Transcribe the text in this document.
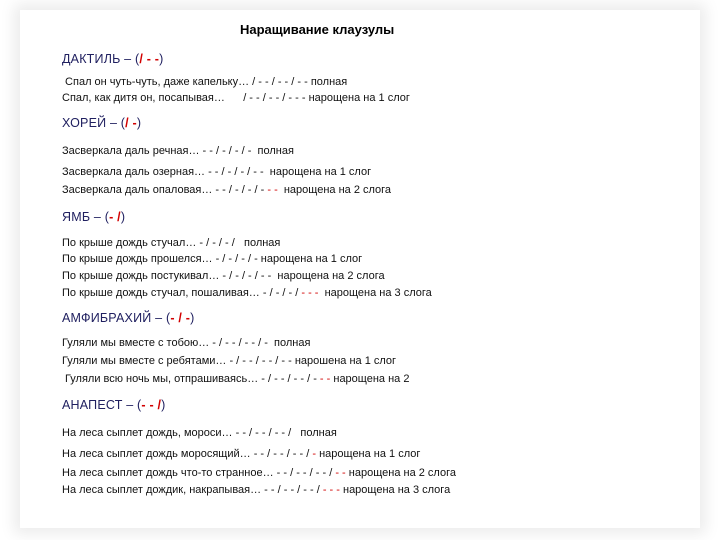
Наращивание клаузулы
ДАКТИЛЬ – (/ - -)
Спал он чуть-чуть, даже капельку… / - - / - - / - - полная
Спал, как дитя он, посапывая…      / - - / - - / - - - нарощена на 1 слог
ХОРЕЙ – (/ -)
Засверкала даль речная… - - / - / - / -  полная
Засверкала даль озерная… - - / - / - / - -  нарощена на 1 слог
Засверкала даль опаловая… - - / - / - / - - -  нарощена на 2 слога
ЯМБ – (- /)
По крыше дождь стучал… - / - / - /   полная
По крыше дождь прошелся… - / - / - / - нарощена на 1 слог
По крыше дождь постукивал… - / - / - / - -  нарощена на 2 слога
По крыше дождь стучал, пошаливая… - / - / - / - - -  нарощена на 3 слога
АМФИБРАХИЙ – (- / -)
Гуляли мы вместе с тобою… - / - - / - - / -  полная
Гуляли мы вместе с ребятами… - / - - / - - / - - нарошена на 1 слог
Гуляли всю ночь мы, отпрашиваясь… - / - - / - - / - - - нарощена на 2
АНАПЕСТ – (- - /)
На леса сыплет дождь, мороси… - - / - - / - - /   полная
На леса сыплет дождь моросящий… - - / - - / - - / - нарощена на 1 слог
На леса сыплет дождь что-то странное… - - / - - / - - / - - нарощена на 2 слога
На леса сыплет дождик, накрапывая… - - / - - / - - / - - - нарощена на 3 слога
